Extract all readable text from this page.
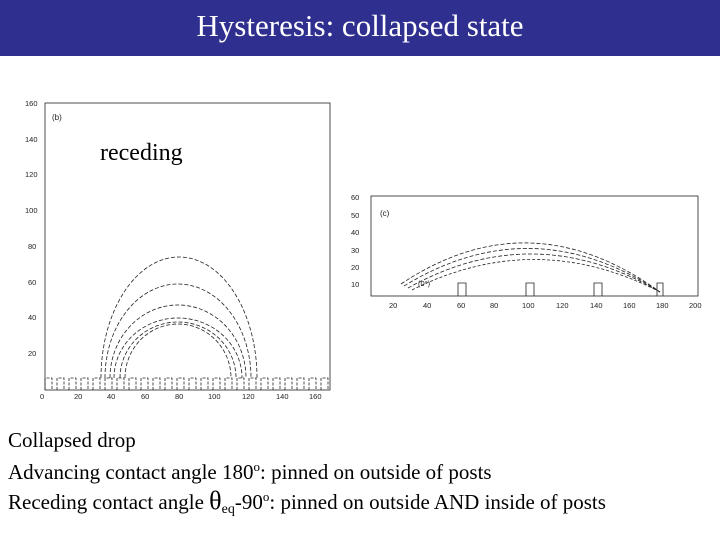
Hysteresis: collapsed state
(b)
160
140
120
100
80
60
40
20
0	20	40	60	80	100	120	140	160
receding
(c)
60
50
40
30
20
10
20	40	60	80	100	120	140	160	180	200
(0°)
Collapsed drop
Advancing contact angle 180$^o$: pinned on outside of posts
Receding contact angle θeq-90$^o$: pinned on outside AND inside of posts
